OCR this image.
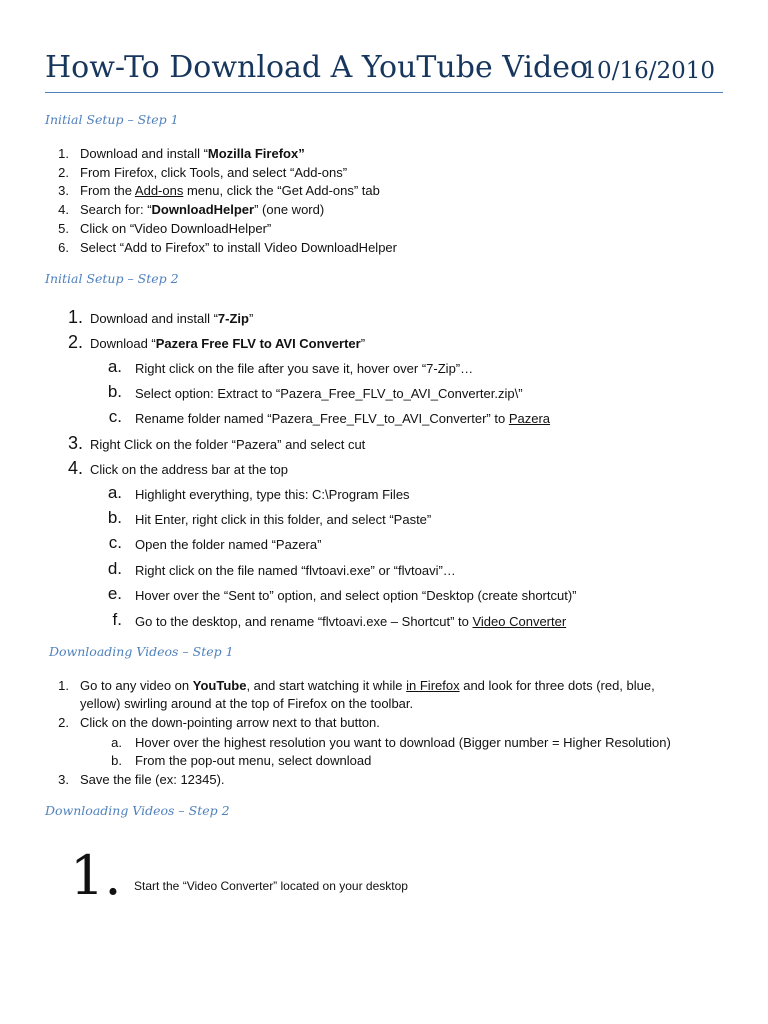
How-To Download A YouTube Video
10/16/2010
Initial Setup – Step 1
1. Download and install “Mozilla Firefox”
2. From Firefox, click Tools, and select “Add-ons”
3. From the Add-ons menu, click the “Get Add-ons” tab
4. Search for: “DownloadHelper” (one word)
5. Click on “Video DownloadHelper”
6. Select “Add to Firefox” to install Video DownloadHelper
Initial Setup – Step 2
1. Download and install “7-Zip”
2. Download “Pazera Free FLV to AVI Converter”
a. Right click on the file after you save it, hover over “7-Zip”…
b. Select option: Extract to “Pazera_Free_FLV_to_AVI_Converter.zip\”
c. Rename folder named “Pazera_Free_FLV_to_AVI_Converter” to Pazera
3. Right Click on the folder “Pazera” and select cut
4. Click on the address bar at the top
a. Highlight everything, type this: C:\Program Files
b. Hit Enter, right click in this folder, and select “Paste”
c. Open the folder named “Pazera”
d. Right click on the file named “flvtoavi.exe” or “flvtoavi”…
e. Hover over the “Sent to” option, and select option “Desktop (create shortcut)”
f. Go to the desktop, and rename “flvtoavi.exe – Shortcut” to Video Converter
Downloading Videos – Step 1
1. Go to any video on YouTube, and start watching it while in Firefox and look for three dots (red, blue,
yellow) swirling around at the top of Firefox on the toolbar.
2. Click on the down-pointing arrow next to that button.
a. Hover over the highest resolution you want to download (Bigger number = Higher Resolution)
b. From the pop-out menu, select download
3. Save the file (ex: 12345).
Downloading Videos – Step 2
1. Start the “Video Converter” located on your desktop
